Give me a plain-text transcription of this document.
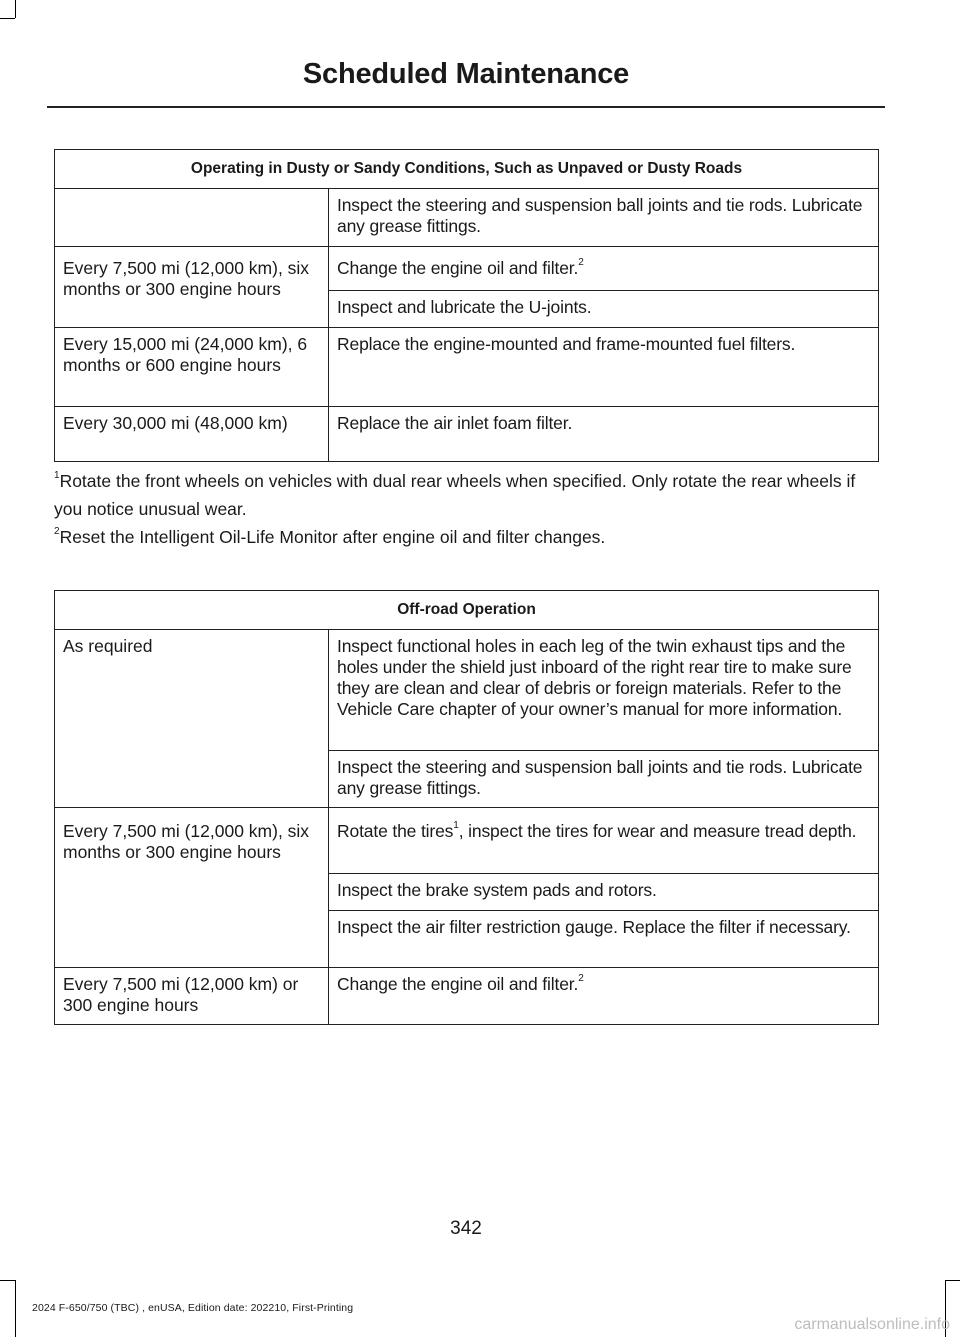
Scheduled Maintenance
Operating in Dusty or Sandy Conditions, Such as Unpaved or Dusty Roads	
	Inspect the steering and suspension ball joints and tie rods. Lubricate any grease fittings.
Every 7,500 mi (12,000 km), six months or 300 engine hours	Change the engine oil and filter.$^2$
	Inspect and lubricate the U-joints.
Every 15,000 mi (24,000 km), 6 months or 600 engine hours	Replace the engine-mounted and frame-mounted fuel filters.
Every 30,000 mi (48,000 km)	Replace the air inlet foam filter.

$^1$Rotate the front wheels on vehicles with dual rear wheels when specified. Only rotate the rear wheels if you notice unusual wear.

$^2$Reset the Intelligent Oil-Life Monitor after engine oil and filter changes.

Off-road Operation	
As required	Inspect functional holes in each leg of the twin exhaust tips and the holes under the shield just inboard of the right rear tire to make sure they are clean and clear of debris or foreign materials. Refer to the Vehicle Care chapter of your owner’s manual for more information.
	Inspect the steering and suspension ball joints and tie rods. Lubricate any grease fittings.
Every 7,500 mi (12,000 km), six months or 300 engine hours	Rotate the tires$^1$, inspect the tires for wear and measure tread depth.
	Inspect the brake system pads and rotors.
	Inspect the air filter restriction gauge. Replace the filter if necessary.
Every 7,500 mi (12,000 km) or 300 engine hours	Change the engine oil and filter.$^2$
342
2024 F-650/750 (TBC) , enUSA, Edition date: 202210, First-Printing
carmanualsonline.info
